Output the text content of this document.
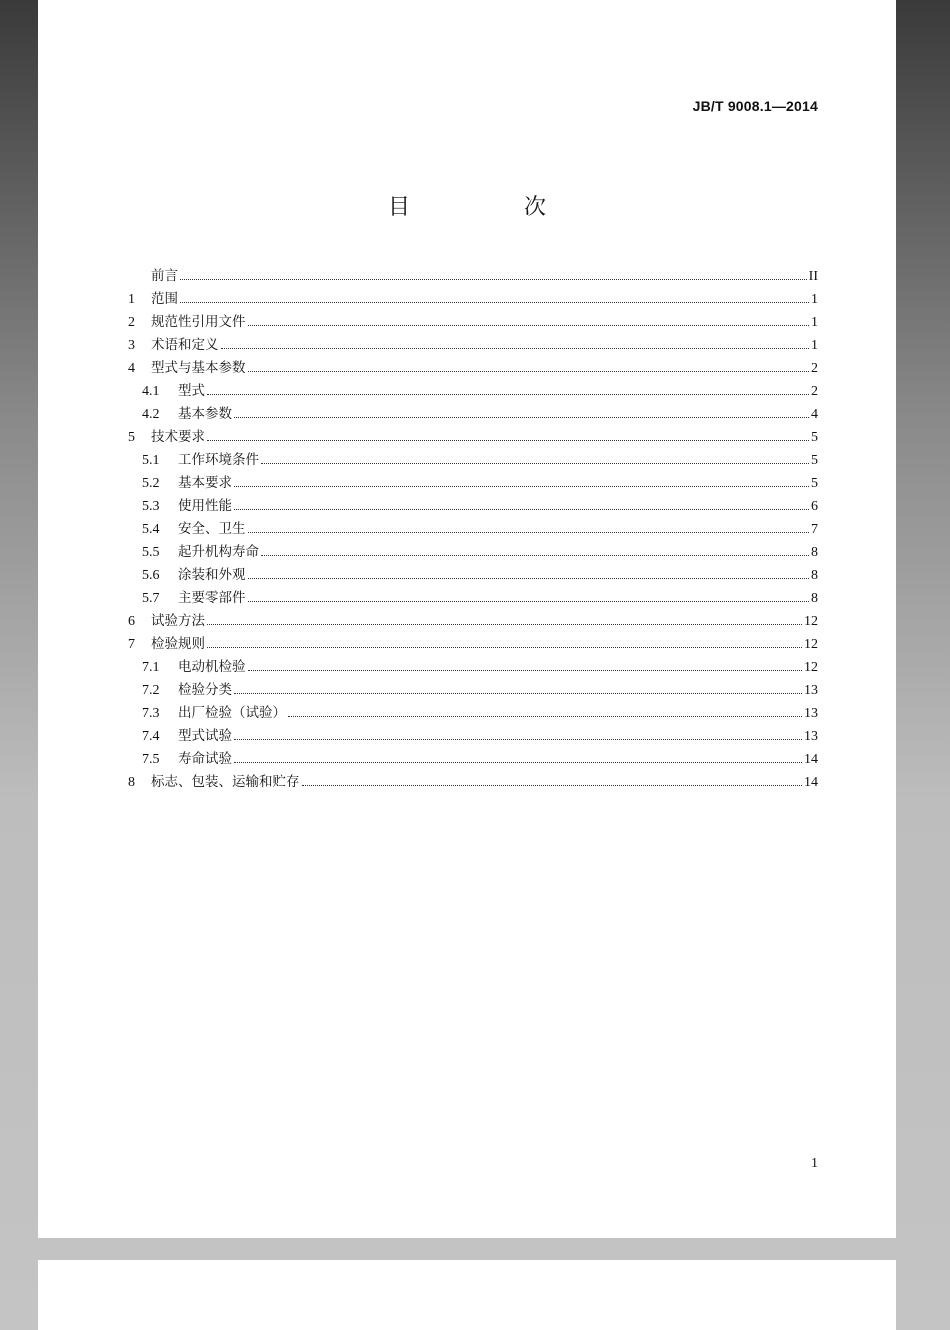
JB/T 9008.1—2014
目　次
前言	II
1	范围	1
2	规范性引用文件	1
3	术语和定义	1
4	型式与基本参数	2
4.1	型式	2
4.2	基本参数	4
5	技术要求	5
5.1	工作环境条件	5
5.2	基本要求	5
5.3	使用性能	6
5.4	安全、卫生	7
5.5	起升机构寿命	8
5.6	涂装和外观	8
5.7	主要零部件	8
6	试验方法	12
7	检验规则	12
7.1	电动机检验	12
7.2	检验分类	13
7.3	出厂检验（试验）	13
7.4	型式试验	13
7.5	寿命试验	14
8	标志、包装、运输和贮存	14
1
